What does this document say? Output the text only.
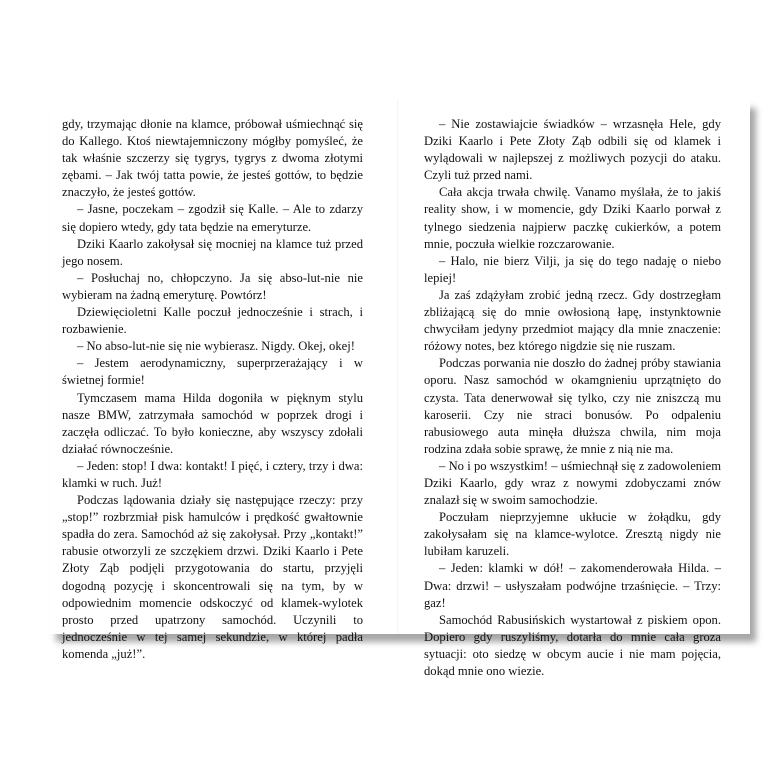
gdy, trzymając dłonie na klamce, próbował uśmiechnąć się do Kallego. Ktoś niewtajemniczony mógłby pomyśleć, że tak właśnie szczerzy się tygrys, tygrys z dwoma złotymi zębami. – Jak twój tatta powie, że jesteś gottów, to będzie znaczyło, że jesteś gottów.

– Jasne, poczekam – zgodził się Kalle. – Ale to zdarzy się dopiero wtedy, gdy tata będzie na emeryturze.

Dziki Kaarlo zakołysał się mocniej na klamce tuż przed jego nosem.

– Posłuchaj no, chłopczyno. Ja się abso-lut-nie nie wybieram na żadną emeryturę. Powtórz!

Dziewięcioletni Kalle poczuł jednocześnie i strach, i rozbawienie.

– No abso-lut-nie się nie wybierasz. Nigdy. Okej, okej!

– Jestem aerodynamiczny, superprzerażający i w świetnej formie!

Tymczasem mama Hilda dogoniła w pięknym stylu nasze BMW, zatrzymała samochód w poprzek drogi i zaczęła odliczać. To było konieczne, aby wszyscy zdołali działać równocześnie.

– Jeden: stop! I dwa: kontakt! I pięć, i cztery, trzy i dwa: klamki w ruch. Już!

Podczas lądowania działy się następujące rzeczy: przy „stop!” rozbrzmiał pisk hamulców i prędkość gwałtownie spadła do zera. Samochód aż się zakołysał. Przy „kontakt!” rabusie otworzyli ze szczękiem drzwi. Dziki Kaarlo i Pete Złoty Ząb podjęli przygotowania do startu, przyjęli dogodną pozycję i skoncentrowali się na tym, by w odpowiednim momencie odskoczyć od klamek-wylotek prosto przed upatrzony samochód. Uczynili to jednocześnie w tej samej sekundzie, w której padła komenda „już!”.

– Nie zostawiajcie świadków – wrzasnęła Hele, gdy Dziki Kaarlo i Pete Złoty Ząb odbili się od klamek i wylądowali w najlepszej z możliwych pozycji do ataku. Czyli tuż przed nami.

Cała akcja trwała chwilę. Vanamo myślała, że to jakiś reality show, i w momencie, gdy Dziki Kaarlo porwał z tylnego siedzenia najpierw paczkę cukierków, a potem mnie, poczuła wielkie rozczarowanie.

– Halo, nie bierz Vilji, ja się do tego nadaję o niebo lepiej!

Ja zaś zdążyłam zrobić jedną rzecz. Gdy dostrzegłam zbliżającą się do mnie owłosioną łapę, instynktownie chwyciłam jedyny przedmiot mający dla mnie znaczenie: różowy notes, bez którego nigdzie się nie ruszam.

Podczas porwania nie doszło do żadnej próby stawiania oporu. Nasz samochód w okamgnieniu uprzątnięto do czysta. Tata denerwował się tylko, czy nie zniszczą mu karoserii. Czy nie straci bonusów. Po odpaleniu rabusiowego auta minęła dłuższa chwila, nim moja rodzina zdała sobie sprawę, że mnie z nią nie ma.

– No i po wszystkim! – uśmiechnął się z zadowoleniem Dziki Kaarlo, gdy wraz z nowymi zdobyczami znów znalazł się w swoim samochodzie.

Poczułam nieprzyjemne ukłucie w żołądku, gdy zakołysałam się na klamce-wylotce. Zresztą nigdy nie lubiłam karuzeli.

– Jeden: klamki w dół! – zakomenderowała Hilda. – Dwa: drzwi! – usłyszałam podwójne trzaśnięcie. – Trzy: gaz!

Samochód Rabusińskich wystartował z piskiem opon. Dopiero gdy ruszyliśmy, dotarła do mnie cała groza sytuacji: oto siedzę w obcym aucie i nie mam pojęcia, dokąd mnie ono wiezie.
